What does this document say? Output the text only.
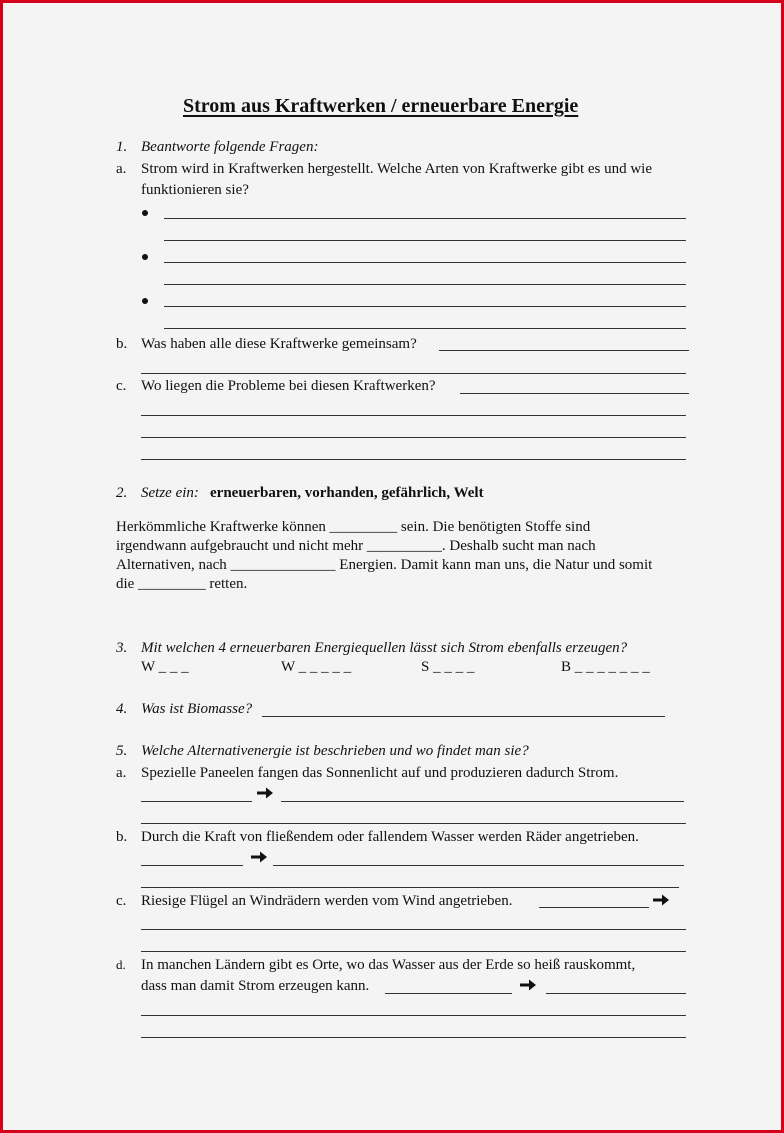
Strom aus Kraftwerken / erneuerbare Energie
1. Beantworte folgende Fragen:
a. Strom wird in Kraftwerken hergestellt. Welche Arten von Kraftwerke gibt es und wie
funktionieren sie?
b. Was haben alle diese Kraftwerke gemeinsam?
c. Wo liegen die Probleme bei diesen Kraftwerken?
2. Setze ein: erneuerbaren, vorhanden, gefährlich, Welt
Herkömmliche Kraftwerke können _________ sein. Die benötigten Stoffe sind
irgendwann aufgebraucht und nicht mehr __________. Deshalb sucht man nach
Alternativen, nach ______________ Energien. Damit kann man uns, die Natur und somit
die _________ retten.
3. Mit welchen 4 erneuerbaren Energiequellen lässt sich Strom ebenfalls erzeugen?
W _ _ _	W _ _ _ _ _	S _ _ _ _	B _ _ _ _ _ _ _
4. Was ist Biomasse?
5. Welche Alternativenergie ist beschrieben und wo findet man sie?
a. Spezielle Paneelen fangen das Sonnenlicht auf und produzieren dadurch Strom.
b. Durch die Kraft von fließendem oder fallendem Wasser werden Räder angetrieben.
c. Riesige Flügel an Windrädern werden vom Wind angetrieben.
d. In manchen Ländern gibt es Orte, wo das Wasser aus der Erde so heiß rauskommt,
dass man damit Strom erzeugen kann.
